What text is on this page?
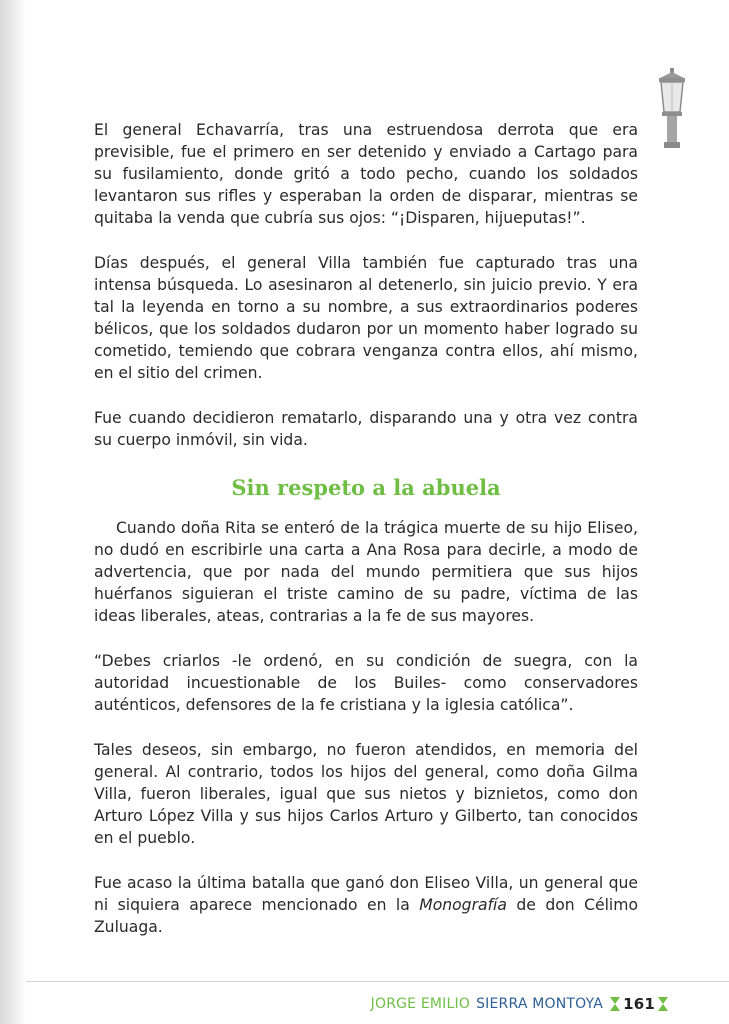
El general Echavarría, tras una estruendosa derrota que era previsible, fue el primero en ser detenido y enviado a Cartago para su fusilamiento, donde gritó a todo pecho, cuando los soldados levantaron sus rifles y esperaban la orden de disparar, mientras se quitaba la venda que cubría sus ojos: “¡Disparen, hijueputas!”.

Días después, el general Villa también fue capturado tras una intensa búsqueda. Lo asesinaron al detenerlo, sin juicio previo. Y era tal la leyenda en torno a su nombre, a sus extraordinarios poderes bélicos, que los soldados dudaron por un momento haber logrado su cometido, temiendo que cobrara venganza contra ellos, ahí mismo, en el sitio del crimen.

Fue cuando decidieron rematarlo, disparando una y otra vez contra su cuerpo inmóvil, sin vida.

Sin respeto a la abuela

Cuando doña Rita se enteró de la trágica muerte de su hijo Eliseo, no dudó en escribirle una carta a Ana Rosa para decirle, a modo de advertencia, que por nada del mundo permitiera que sus hijos huérfanos siguieran el triste camino de su padre, víctima de las ideas liberales, ateas, contrarias a la fe de sus mayores.

“Debes criarlos -le ordenó, en su condición de suegra, con la autoridad incuestionable de los Builes- como conservadores auténticos, defensores de la fe cristiana y la iglesia católica”.

Tales deseos, sin embargo, no fueron atendidos, en memoria del general. Al contrario, todos los hijos del general, como doña Gilma Villa, fueron liberales, igual que sus nietos y biznietos, como don Arturo López Villa y sus hijos Carlos Arturo y Gilberto, tan conocidos en el pueblo.

Fue acaso la última batalla que ganó don Eliseo Villa, un general que ni siquiera aparece mencionado en la Monografía de don Célimo Zuluaga.

JORGE EMILIO SIERRA MONTOYA 161
